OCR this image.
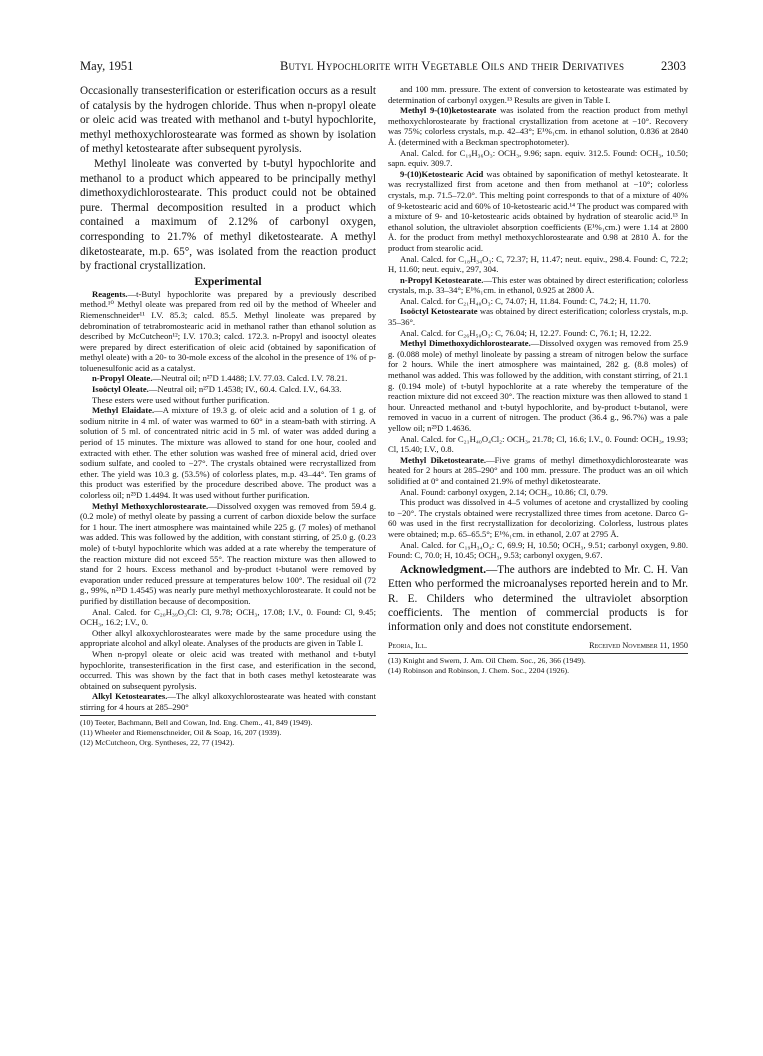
May, 1951	Butyl Hypochlorite with Vegetable Oils and their Derivatives	2303

Occasionally transesterification or esterification occurs as a result of catalysis by the hydrogen chloride. Thus when n-propyl oleate or oleic acid was treated with methanol and t-butyl hypochlorite, methyl methoxychlorostearate was formed as shown by isolation of methyl ketostearate after subsequent pyrolysis.

Methyl linoleate was converted by t-butyl hypochlorite and methanol to a product which appeared to be principally methyl dimethoxydichlorostearate. This product could not be obtained pure. Thermal decomposition resulted in a product which contained a maximum of 2.12% of carbonyl oxygen, corresponding to 21.7% of methyl diketostearate. A methyl diketostearate, m.p. 65°, was isolated from the reaction product by fractional crystallization.

Experimental

Reagents.—t-Butyl hypochlorite was prepared by a previously described method.¹⁰ Methyl oleate was prepared from red oil by the method of Wheeler and Riemenschneider¹¹ I.V. 85.3; calcd. 85.5. Methyl linoleate was prepared by debromination of tetrabromostearic acid in methanol rather than ethanol solution as described by McCutcheon¹²; I.V. 170.3; calcd. 172.3. n-Propyl and isooctyl oleates were prepared by direct esterification of oleic acid (obtained by saponification of methyl oleate) with a 20- to 30-mole excess of the alcohol in the presence of 1% of p-toluenesulfonic acid as a catalyst.

n-Propyl Oleate.—Neutral oil; n²⁷D 1.4488; I.V. 77.03. Calcd. I.V. 78.21.

Isoöctyl Oleate.—Neutral oil; n²⁷D 1.4538; IV., 60.4. Calcd. I.V., 64.33.

These esters were used without further purification.

Methyl Elaidate.—A mixture of 19.3 g. of oleic acid and a solution of 1 g. of sodium nitrite in 4 ml. of water was warmed to 60° in a steam-bath with stirring. A solution of 5 ml. of concentrated nitric acid in 5 ml. of water was added during a period of 15 minutes. The mixture was allowed to stand for one hour, cooled and extracted with ether. The ether solution was washed free of mineral acid, dried over sodium sulfate, and cooled to −27°. The crystals obtained were recrystallized from ether. The yield was 10.3 g. (53.5%) of colorless plates, m.p. 43–44°. Ten grams of this product was esterified by the procedure described above. The product was a colorless oil; n²⁵D 1.4494. It was used without further purification.

Methyl Methoxychlorostearate.—Dissolved oxygen was removed from 59.4 g. (0.2 mole) of methyl oleate by passing a current of carbon dioxide below the surface for 1 hour. The inert atmosphere was maintained while 225 g. (7 moles) of methanol was added. This was followed by the addition, with constant stirring, of 25.0 g. (0.23 mole) of t-butyl hypochlorite which was added at a rate whereby the temperature of the reaction mixture did not exceed 55°. The reaction mixture was then allowed to stand for 2 hours. Excess methanol and by-product t-butanol were removed by evaporation under reduced pressure at temperatures below 100°. The residual oil (72 g., 99%, n²⁵D 1.4545) was nearly pure methyl methoxychlorostearate. It could not be purified by distillation because of decomposition.

Anal. Calcd. for C₂₀H₃₉O₃Cl: Cl, 9.78; OCH₃, 17.08; I.V., 0. Found: Cl, 9.45; OCH₃, 16.2; I.V., 0.

Other alkyl alkoxychlorostearates were made by the same procedure using the appropriate alcohol and alkyl oleate. Analyses of the products are given in Table I.

When n-propyl oleate or oleic acid was treated with methanol and t-butyl hypochlorite, transesterification in the first case, and esterification in the second, occurred. This was shown by the fact that in both cases methyl ketostearate was obtained on subsequent pyrolysis.

Alkyl Ketostearates.—The alkyl alkoxychlorostearate was heated with constant stirring for 4 hours at 285–290°

(10) Teeter, Bachmann, Bell and Cowan, Ind. Eng. Chem., 41, 849 (1949).

(11) Wheeler and Riemenschneider, Oil & Soap, 16, 207 (1939).

(12) McCutcheon, Org. Syntheses, 22, 77 (1942).

and 100 mm. pressure. The extent of conversion to ketostearate was estimated by determination of carbonyl oxygen.¹³ Results are given in Table I.

Methyl 9-(10)ketostearate was isolated from the reaction product from methyl methoxychlorostearate by fractional crystallization from acetone at −10°. Recovery was 75%; colorless crystals, m.p. 42–43°; E¹%₁cm. in ethanol solution, 0.836 at 2840 Å. (determined with a Beckman spectrophotometer).

Anal. Calcd. for C₁₉H₃₆O₃: OCH₃, 9.96; sapn. equiv. 312.5. Found: OCH₃, 10.50; sapn. equiv. 309.7.

9-(10)Ketostearic Acid was obtained by saponification of methyl ketostearate. It was recrystallized first from acetone and then from methanol at −10°; colorless crystals, m.p. 71.5–72.0°. This melting point corresponds to that of a mixture of 40% of 9-ketostearic acid and 60% of 10-ketostearic acid.¹⁴ The product was compared with a mixture of 9- and 10-ketostearic acids obtained by hydration of stearolic acid.¹³ In ethanol solution, the ultraviolet absorption coefficients (E¹%₁cm.) were 1.14 at 2800 Å. for the product from methyl methoxychlorostearate and 0.98 at 2810 Å. for the product from stearolic acid.

Anal. Calcd. for C₁₈H₃₄O₃: C, 72.37; H, 11.47; neut. equiv., 298.4. Found: C, 72.2; H, 11.60; neut. equiv., 297, 304.

n-Propyl Ketostearate.—This ester was obtained by direct esterification; colorless crystals, m.p. 33–34°; E¹%₁cm. in ethanol, 0.925 at 2800 Å.

Anal. Calcd. for C₂₁H₄₀O₃: C, 74.07; H, 11.84. Found: C, 74.2; H, 11.70.

Isoöctyl Ketostearate was obtained by direct esterification; colorless crystals, m.p. 35–36°.

Anal. Calcd. for C₂₆H₅₀O₃: C, 76.04; H, 12.27. Found: C, 76.1; H, 12.22.

Methyl Dimethoxydichlorostearate.—Dissolved oxygen was removed from 25.9 g. (0.088 mole) of methyl linoleate by passing a stream of nitrogen below the surface for 2 hours. While the inert atmosphere was maintained, 282 g. (8.8 moles) of methanol was added. This was followed by the addition, with constant stirring, of 21.1 g. (0.194 mole) of t-butyl hypochlorite at a rate whereby the temperature of the reaction mixture did not exceed 30°. The reaction mixture was then allowed to stand 1 hour. Unreacted methanol and t-butyl hypochlorite, and by-product t-butanol, were removed in vacuo in a current of nitrogen. The product (36.4 g., 96.7%) was a pale yellow oil; n²⁵D 1.4636.

Anal. Calcd. for C₂₁H₄₀O₄Cl₂: OCH₃, 21.78; Cl, 16.6; I.V., 0. Found: OCH₃, 19.93; Cl, 15.40; I.V., 0.8.

Methyl Diketostearate.—Five grams of methyl dimethoxydichlorostearate was heated for 2 hours at 285–290° and 100 mm. pressure. The product was an oil which solidified at 0° and contained 21.9% of methyl diketostearate.

Anal. Found: carbonyl oxygen, 2.14; OCH₃, 10.86; Cl, 0.79.

This product was dissolved in 4–5 volumes of acetone and crystallized by cooling to −20°. The crystals obtained were recrystallized three times from acetone. Darco G-60 was used in the first recrystallization for decolorizing. Colorless, lustrous plates were obtained; m.p. 65–65.5°; E¹%₁cm. in ethanol, 2.07 at 2795 Å.

Anal. Calcd. for C₁₉H₃₄O₄: C, 69.9; H, 10.50; OCH₃, 9.51; carbonyl oxygen, 9.80. Found: C, 70.0; H, 10.45; OCH₃, 9.53; carbonyl oxygen, 9.67.

Acknowledgment.—The authors are indebted to Mr. C. H. Van Etten who performed the microanalyses reported herein and to Mr. R. E. Childers who determined the ultraviolet absorption coefficients. The mention of commercial products is for information only and does not constitute endorsement.

Peoria, Ill.	Received November 11, 1950

(13) Knight and Swern, J. Am. Oil Chem. Soc., 26, 366 (1949).

(14) Robinson and Robinson, J. Chem. Soc., 2204 (1926).
